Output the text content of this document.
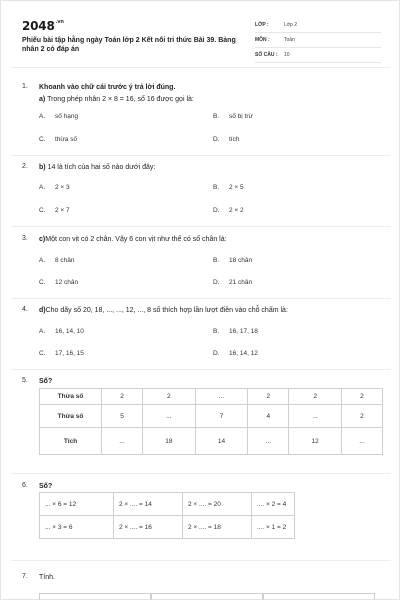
$2048^{.vn}$
Phiếu bài tập hằng ngày Toán lớp 2 Kết nối tri thức Bài 39. Bảng nhân 2 có đáp án
LỚP :	Lớp 2
MÔN :	Toán
SỐ CÂU :	10
1. Khoanh vào chữ cái trước ý trả lời đúng.
a) Trong phép nhân 2 × 8 = 16, số 16 được gọi là:
A. số hạng	B. số bị trừ
C. thừa số	D. tích
2. b) 14 là tích của hai số nào dưới đây:
A. 2 × 3	B. 2 × 5
C. 2 × 7	D. 2 × 2
3. c)Một con vịt có 2 chân. Vậy 6 con vịt như thế có số chân là:
A. 8 chân	B. 18 chân
C. 12 chân	D. 21 chân
4. d)Cho dãy số 20, 18, ..., ..., 12, ..., 8 số thích hợp lần lượt điền vào chỗ chấm là:
A. 16, 14, 10	B. 16, 17, 18
C. 17, 16, 15	D. 16, 14, 12
5. Số?
Thừa số	2	2	...	2	2	2
Thừa số	5	...	7	4	...	2
Tích	...	18	14	...	12	...
6. Số?
... × 6 = 12	2 × .... = 14	2 × .... = 20	.... × 2 = 4
... × 3 = 6	2 × .... = 16	2 × .... = 18	.... × 1 = 2
7. Tính.
